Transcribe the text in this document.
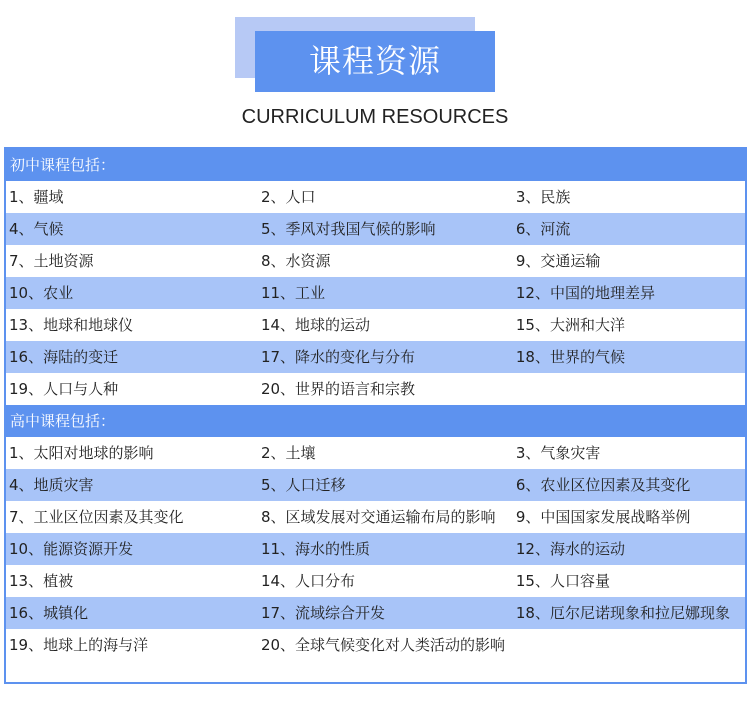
课程资源
CURRICULUM RESOURCES
初中课程包括：
1、疆域	2、人口	3、民族
4、气候	5、季风对我国气候的影响	6、河流
7、土地资源	8、水资源	9、交通运输
10、农业	11、工业	12、中国的地理差异
13、地球和地球仪	14、地球的运动	15、大洲和大洋
16、海陆的变迁	17、降水的变化与分布	18、世界的气候
19、人口与人种	20、世界的语言和宗教
高中课程包括：
1、太阳对地球的影响	2、土壤	3、气象灾害
4、地质灾害	5、人口迁移	6、农业区位因素及其变化
7、工业区位因素及其变化	8、区域发展对交通运输布局的影响	9、中国国家发展战略举例
10、能源资源开发	11、海水的性质	12、海水的运动
13、植被	14、人口分布	15、人口容量
16、城镇化	17、流域综合开发	18、厄尔尼诺现象和拉尼娜现象
19、地球上的海与洋	20、全球气候变化对人类活动的影响
